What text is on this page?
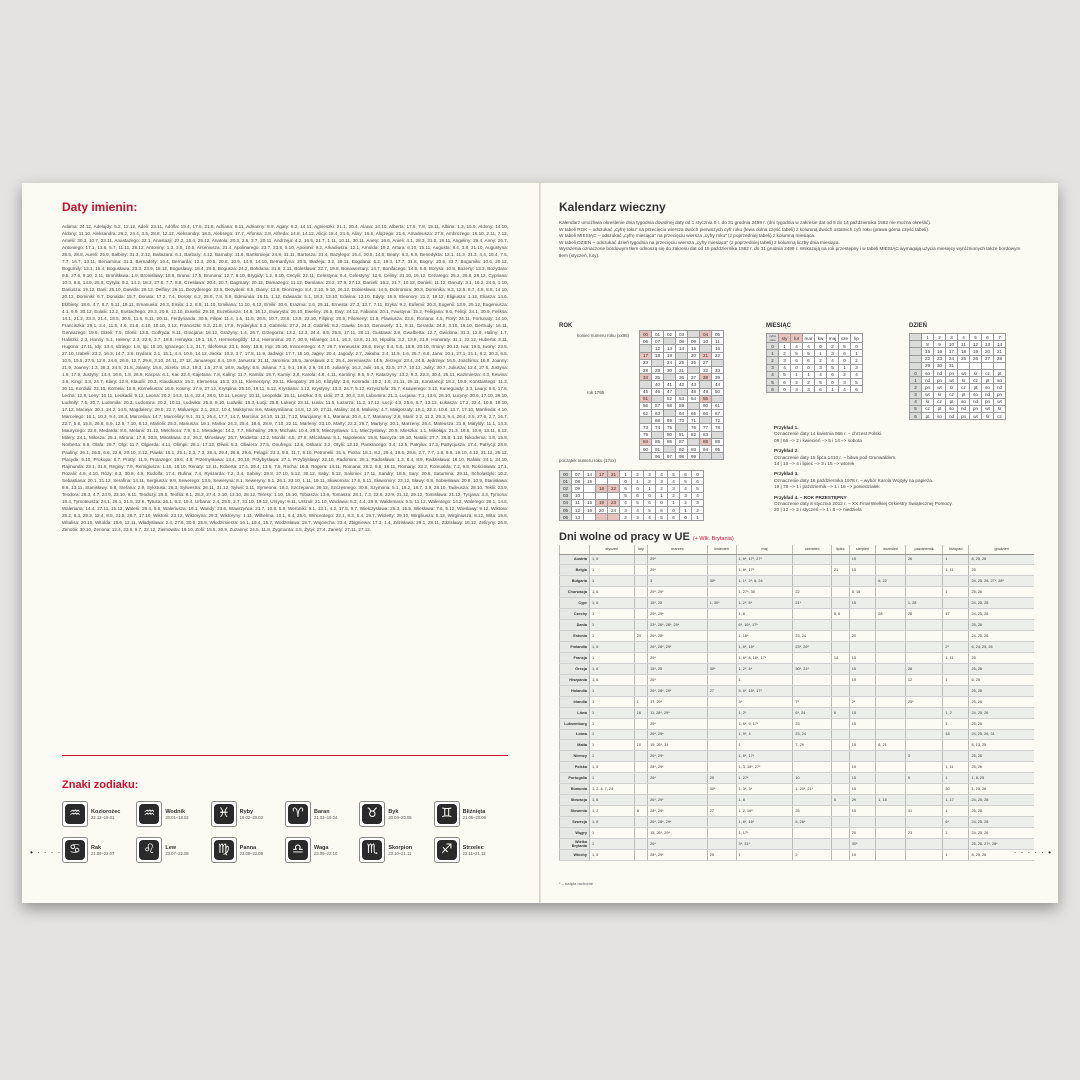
Daty imienin:
Adama: 24.12, Adelajdy: 5.2, 12.12, Adeli: 23.11, Adolfa: 19.4, 17.6, 21.8, Adriana: 8.11, Adrianny: 8.9, Agaty: 5.2, 14.11, Agnieszki: 21.1, 20.4, Alana: 14.10, Alberta: 17.6, 7.8, 15.11, Albina: 1.3, 15.9, Aldony: 14.10, Aldony: 11.10, Aleksandra: 26.2, 24.4, 3.5, 28.8, 12.12, Aleksandry: 18.5, Aleksego: 17.7, Alfonsa: 2.8, Alfreda: 14.8, 14.12, Alicji: 18.4, 21.6, Aliny: 16.6, Alojzego: 21.6, Amadeusza: 27.8, Ambrozego: 16.10, 2.11, 7.12, Amelii: 30.3, 10.7, 23.11, Anastazego: 22.1, Anastazji: 27.2, 15.4, 25.12, Anatola: 20.3, 2.5, 3.7, 20.11, Andrzeja: 4.2, 16.5, 21.7, 1.11, 10.11, 30.11, Anety: 16.6, Anieli: 4.1, 28.3, 31.5, 18.11, Angeliny: 29.4, Anny: 26.7, Antoniego: 17.1, 13.6, 5.7, 11.11, 28.12, Antoniny: 1.3, 3.5, 10.5, Arseniusza: 21.4, Apolinarego: 23.7, 23.8, 5.10, Apolonii: 9.2, Arkadiusza: 12.1, Arnolda: 19.2, Artura: 6.10, 15.11, Augusta: 8.4, 3.8, 31.10, Augustyna: 28.5, 28.8, Aureli: 25.9, Balbiny: 31.3, 2.12, Baltazara: 6.1, Barbary: 4.12, Barnaby: 11.6, Bartłomieja: 24.8, 11.11, Bartosza: 21.4, Bazylego: 15.4, 20.5, 14.6, Beaty: 8.3, 6.9, Benedykta: 12.1, 11.3, 21.3, 4.4, 16.4, 7.5, 7.7, 16.7, 13.11, Beniamina: 31.3, Bernadety: 16.4, Bernarda: 12.3, 20.5, 20.8, 10.9, 14.9, 14.10, Bernardyna: 20.5, Błażeja: 3.2, 29.11, Bogdana: 6.2, 19.3, 17.7, 31.8, Bogny: 20.6, 23.7, Bogumiła: 10.6, 20.12, Bogumiły: 13.1, 18.4, Bogusława: 23.3, 23.9, 18.12, Bogusławy: 18.4, 29.5, Bogusza: 24.2, Bohdana: 31.8, 2.11, Bolesława: 22.7, 19.8, Bonawentury: 14.7, Bonifacego: 14.5, 5.6, Borysa: 10.8, Bożeny: 13.3, Bożydara: 9.5, 27.6, 9.10, 2.11, Bronisława: 1.9, Bronisławy: 18.8, Bruna: 17.5, Brunona: 12.7, 6.10, Brygidy: 1.2, 8.10, Cecylii: 22.11, Celestyna: 6.4, Celestyny: 12.6, Celiny: 21.10, 15.12, Cezarego: 25.2, 26.8, 28.12, Cypriana: 10.3, 8.8, 14.9, 26.9, Cyryla: 9.2, 14.2, 18.3, 27.6, 7.7, 8.8, Czesława: 20.4, 20.7, Dagmary: 20.12, Damazego: 11.12, Damiana: 23.2, 27.9, 27.12, Danieli: 16.2, 21.7, 10.12, Danieli: 11.12, Danuty: 3.1, 16.2, 24.6, 1.10, Dariusza: 19.12, Darii: 25.10, Dawida: 29.12, Delfiny: 26.11, Dezyderego: 23.5, Dezyderii: 8.5, Diany: 13.8, Dionizego: 8.4, 2.10, 9.10, 26.12, Dobiesława: 14.5, Dobromira: 30.3, Dominika: 9.3, 12.5, 6.7, 4.8, 8.8, 14.10, 20.12, Dominiki: 6.7, Donalda: 15.7, Donata: 17.2, 7.4, Doroty: 6.2, 25.6, 7.8, 5.9, Edmunda: 16.11, 1.12, Edwarda: 5.1, 18.3, 13.10, Edwina: 12.10, Edyty: 16.9, Eleonory: 21.2, 19.12, Eligiusza: 1.12, Eliasza: 14.6, Elżbiety: 18.6, 4.7, 8.7, 5.11, 19.11, Emanuela: 26.3, Emila: 1.2, 8.8, 11.10, Emiliana: 11.10, 6.12, Emilii: 30.6, Erazma: 2.6, 25.11, Ernesta: 27.3, 13.7, 7.11, Eryka: 9.2, Eufemii: 20.3, Eugenii: 13.9, 25.12, Eugeniusza: 4.1, 6.9, 30.12, Eulalii: 12.2, Eustachego: 29.3, 20.9, 12.10, Eusebii: 29.10, Euzebiusza: 14.8, 16.12, Ewarysta: 26.10, Eweliny: 26.5, Ewy: 24.12, Fabiana: 20.1, Faustyna: 15.2, Felicjana: 9.6, Felicji: 24.1, 30.9, Feliksa: 14.1, 21.2, 23.3, 21.4, 18.5, 30.5, 11.6, 6.11, 20.11, Ferdynanda: 30.5, Filipa: 11.4, 1.5, 11.5, 26.5, 10.7, 23.8, 13.9, 22.10, Filipiny: 20.9, Filomeny: 11.8, Flawiusza: 22.6, Floriana: 4.5, Flory: 24.11, Fortunaty: 14.10, Franciszka: 29.1, 2.4, 11.5, 4.6, 21.8, 4.10, 10.10, 3.12, Franciszki: 9.3, 21.8, 17.9, Fryderyka: 5.3, Gabriela: 27.2, 24.3, Gabrieli: 8.2, Gawła: 16.10, Genowefy: 3.1, 9.11, Gerarda: 24.9, 3.10, 16.10, Gertrudy: 16.11, Gerwazego: 19.6, Gizeli: 7.5, Gloriii: 13.5, Gotfryda: 8.11, Gracjana: 18.12, Grażyny: 1.4, 26.7, Grzegorza: 13.2, 12.3, 24.4, 9.5, 25.5, 17.11, 28.11, Gustawa: 2.8, Gwalberta: 12.7, Gwidona: 31.3, 12.9, Haliny: 1.7, Haliszki: 2.3, Hanny: 5.1, Heleny: 2.3, 22.5, 3.7, 18.8, Henryka: 19.1, 15.7, Hermenegildy: 13.4, Hieronima: 20.7, 30.9, Hilarego: 14.1, 16.3, 12.8, 21.10, Hipolita: 3.2, 13.8, 21.9, Honoraty: 11.1, 22.12, Huberta: 3.11, Hugona: 17.11, Idy: 13.4, Idziego: 1.9, Igi: 16.10, Ignacego: 1.2, 31.7, Ildefonsa: 23.1, Ilony: 18.8, Ingi: 25.10, Innocentego: 4.7, 28.7, Ireneusza: 28.6, Ireny: 5.4, 5.5, 18.9, 20.10, Irminy: 30.12, Iwa: 19.5, Iwony: 23.5, 27.10, Izabeli: 23.2, 16.3, 14.7, 3.9, Izydora: 2.1, 15.1, 4.4, 10.5, 14.12, Jacka: 10.2, 3.7, 17.8, 11.9, Jadwigi: 17.7, 15.10, Jagny: 20.4, Jagody: 2.7, Jakuba: 3.4, 11.5, 1.6, 25.7, 6.8, Jana: 10.1, 27.1, 31.1, 8.2, 30.3, 6.5, 10.5, 15.5, 27.5, 12.6, 24.6, 26.6, 12.7, 29.8, 3.10, 24.11, 27.12, Januarego: 8.4, 19.9, Janusza: 21.11, Jaromira: 28.5, Jarosława: 2.1, 25.4, Jeremiasza: 14.5, Jerzego: 23.4, 24.8, Jędrzeja: 16.5, Joachima: 16.8, Joanny: 21.9, Joanny: 1.3, 28.3, 24.5, 21.8, Jolanty: 15.6, Józefa: 15.2, 19.3, 1.5, 27.8, 18.9, Judyty: 6.5, Juliana: 7.1, 9.1, 19.8, 2.9, 18.10, Julianny: 16.2, Julii: 16.4, 22.5, 27.7, 10.12, Julity: 30.7, Juliusza: 12.4, 27.5, Justyna: 1.8, 17.9, Justyny: 14.4, 16.6, 1.8, 26.9, Kacpra: 6.1, Kai: 22.4, Kajetana: 7.8, Kaliny: 11.7, Kamila: 18.7, Kamiy: 2.8, Karola: 4.6, 4.11, Karoliny: 9.5, 5.7, Katarzyny: 13.2, 9.3, 22.3, 30.4, 25.11, Kazimierza: 4.3, Kewina: 3.6, Kingi: 3.3, 24.7, Klary: 12.8, Klaudii: 20.3, Klaudiusza: 15.2, Klemensa: 15.3, 23.11, Klementyny: 29.11, Kleopatry: 20.10, Klotyldy: 3.6, Konrada: 19.2, 1.6, 21.11, 26.11, Konstancji: 18.2, 19.9, Konstantego: 11.3, 30.11, Kordulii: 22.10, Kornela: 16.9, Korneliusza: 16.9, Kosmy: 27.9, 27.12, Kryspina: 25.10, 19.11, 5.12, Krystiana: 4.12, Krystyny: 13.3, 24.7, 5.12, Krzysztofa: 25.7, Ksawerego: 3.12, Kunegundy: 3.3, Laury: 6.6, 17.6, Lecha: 12.8, Leny: 10.11, Leokadii: 9.12, Leona: 20.2, 14.3, 11.4, 22.4, 28.6, 10.11, Leonry: 10.11, Leopolda: 15.11, Leszka: 3.6, Lidii: 27.3, 30.4, 3.8, Lubomira: 21.3, Lucjana: 7.1, 13.6, 26.10, Lucyny: 30.6, 17.10, 26.10, Ludmiły: 7.5, 30.7, Ludomiła: 20.2, Ludomira: 20.2, 10.11, Ludwika: 25.8, 9.10, Ludwiki: 15.3, Łucji: 25.8, Łukerji: 23.11, Łusia: 11.5, Łazarza: 11.2, 17.12, Łucji: 4.3, 25.6, 6.7, 13.12, Łukasza: 17.2, 22.4, 10.9, 18.10, 17.12, Macieja: 30.1, 24.2, 14.5, Magdaleny: 29.5, 22.7, Makarego: 2.1, 28.2, 10.4, Maksyma: 8.6, Maksymiliana: 14.8, 12.10, 27.11, Maliny: 24.8, Malwiny: 4.7, Małgorzaty: 18.1, 22.2, 10.6, 13.7, 17.10, Manfreda: 4.10, Marcelego: 16.1, 10.3, 9.4, 26.4, Marcelina: 14.7, Marceliny: 9.1, 31.1, 26.4, 17.7, 14.7, Marcina: 24.10, 11.11, 7.12, Marcjanny: 9.1, Mariana: 30.4, 1.7, Marianny: 2.6, Marii: 2.2, 11.2, 25.3, 9.4, 26.4, 3.5, 27.6, 2.7, 16.7, 22.7, 5.8, 15.8, 26.8, 8.9, 12.9, 7.10, 8.12, Mariolii: 25.3, Mariusza: 19.1, Marka: 24.3, 25.4, 18.6, 28.9, 7.10, 22.11, Marleny: 23.10, Marty: 22.2, 29.7, Martyny: 30.1, Marzeny: 26.4, Mateusza: 21.9, Matyldy: 11.1, 14.3, Maurycego: 22.9, Medarda: 8.6, Melanii: 31.12, Melchiora: 7.9, 6.1, Metodego: 14.2, 7.7, Michaliny: 29.9, Michała: 10.4, 29.9, Mieczysława: 1.1, Mieczysławy: 20.9, Mieszka: 1.1, Mikołaja: 21.3, 19.5, 10.9, 13.11, 6.12, Milery: 24.1, Miłosza: 25.1, Mirona: 17.8, 30.8, Mirosława: 2.2, 26.2, Mirosławy: 26.7, Modesta: 12.2, Moniki: 4.5, 27.8, Mścisława: 8.1, Napoleona: 15.8, Narcyza: 29.10, Natalii: 27.7, 26.8, 1.12, Nikodema: 3.8, 15.9, Norberta: 6.6, Olafa: 29.7, Olgi: 11.7, Olgierda: 4.11, Olimpii: 28.1, 17.12, Oliwii: 5.3, Oliwiera: 27.5, Onufrego: 12.6, Oskara: 3.2, Otylii: 13.12, Pankracego: 3.4, 12.5, Patryka: 17.3, Patrycjusza: 17.4, Patrycji: 28.8, Pauliny: 26.1, 26.5, 6.6, 22.6, 20.10, 2.12, Pawła: 15.1, 25.1, 2.3, 7.3, 28.4, 29.4, 26.6, 29.6, Pelagii: 23.3, 9.6, 11.7, 8.10, Petronelii: 31.5, Piotra: 18.1, 8.2, 29.4, 19.5, 29.6, 2.7, 7.7, 1.8, 9.9, 19.10, 4.12, 21.12, 25.12, Placyda: 5.10, Prokopa: 8.7, Protty: 11.9, Protazego: 19.6, 4.8, Przemysława: 13.4, 30.10, Przybysława: 27.1, Przybysławy: 22.10, Radomira: 28.1, Radosława: 1.3, 8.4, 8.9, Radzisława: 16.10, Rafała: 24.1, 24.10, Rajmunda: 23.1, 31.8, Reginy: 7.9, Remigiusza: 1.10, 18.10, Renaty: 12.11, Roberta: 17.4, 29.4, 13.5, 7.6, Rocha: 16.8, Rogera: 14.11, Romana: 28.2, 9.8, 18.11, Romany: 23.2, Romualda: 7.2, 9.8, Rościsława: 17.1, Rozalii: 4.9, 4.10, Róży: 6.3, 30.8, 4.9, Rudolfa: 17.4, Rufina: 7.4, Ryszarda: 7.2, 3.4, Sabiny: 29.8, 27.10, 5.12, 30.12, Saby: 5.12, Salomei: 17.11, Sandry: 18.5, Sary: 20.8, Saturnina: 29.11, Scholastyki: 10.2, Sebastiana: 20.1, 31.12, Serafina: 14.11, Sergiusza: 9.9, Sewerego: 13.5, Seweryna: 8.1, Seweryny: 8.1, 26.1, 23.10, 1.11, 19.11, Sławomira: 17.5, 5.11, Sławomiry: 23.12, Sławy: 6.8, Sobiesława: 20.8, 10.9, Stanisława: 8.6, 13.11, Stanisławy: 5.8, Stefana: 2.9, Sykstusa: 28.3, Sylwestra: 26.11, 31.12, Sylwii: 3.11, Symeona: 18.2, Szczepana: 26.12, Szczęsnego: 30.8, Szymona: 5.1, 18.2, 18.7, 3.9, 28.10, Tadeusza: 28.10, Teklii: 23.9, Teodora: 26.3, 4.7, 24.9, 23.10, 9.11, Teodozji: 29.5, Teofila: 8.1, 28.2, 27.4, 2.10, 13.10, 28.12, Teresy: 1.10, 15.10, Tobiasza: 13.6, Tomasza: 28.1, 7.3, 22.6, 22.9, 21.12, 29.12, Tomisława: 21.12, Tycjana: 3.3, Tymona: 19.4, Tymoteusza: 24.1, 26.1, 21.5, 22.8, Tytusa: 26.1, 6.2, 15.4, Urbana: 2.4, 25.5, 2.7, 31.10, 19.12, Ursyny: 9.11, Urszuli: 21.10, Wacława: 5.3, 4.4, 28.9, Waldemara: 5.5, 11.12, Walentego: 14.2, Walerego: 28.1, 14.6, Waleriana: 14.4, 27.11, 15.12, Walerii: 28.4, 5.6, Waleriusza: 16.1, Wandy: 23.6, Wawrzyńca: 21.7, 10.8, 5.9, Weroniki: 9.1, 13.1, 4.2, 17.5, 9.7, Wiełczysława: 25.3, 16.5, Wiesława: 7.6, 9.12, Wiesławy: 9.12, Wiktora: 25.2, 6.3, 29.3, 12.4, 8.5, 21.5, 28.7, 17.10, Wiktorii: 23.12, Wiktoryna: 29.3, Wiktoryny: 1.11, Wilhelma: 10.1, 6.4, 25.6, Wincentego: 22.1, 8.3, 5.4, 19.7, Wioletty: 29.10, Wirgiliusza: 8.12, Wirginiusza: 8.12, Wita: 15.6, Witalisa: 20.10, Witolda: 15.6, 12.11, Władysława: 2.4, 27.6, 30.6, 25.9, Włodzimierza: 16.1, 19.4, 15.7, Wodzisława: 19.7, Wojciecha: 23.4, Zbigniewa: 17.3, 1.4, Zdzisława: 29.1, 28.11, Zdzisławy: 16.12, Zefiryny: 26.8, Zenobii: 30.10, Zenona: 12.4, 23.6, 9.7, 22.12, Ziemowita: 19.10, Zofii: 15.5, 30.9, Zuzanny: 24.5, 11.8, Zygmunta: 2.5, Żytyi: 27.4, Zanety: 27.11, 27.12.
Znaki zodiaku:
♒	Koziorożec
22.12–19.01	♒	Wodnik
20.01–18.02	♓	Ryby
19.02–20.03	♈	Baran
21.03–19.04	♉	Byk
20.04–20.05	♊	Bliźnięta
21.05–20.06
♋	Rak
21.06–22.07	♌	Lew
23.07–22.08	♍	Panna
23.08–22.09	♎	Waga
23.09–22.10	♏	Skorpion
23.10–21.11	♐	Strzelec
22.11–21.12
• · · · · ·
Kalendarz wieczny
Kalendarz umożliwia określenie dnia tygodnia dowolnej daty od 1 stycznia 0 r. do 31 grudnia 2499 r. (dni tygodnia w zakresie dat od 5 do 14 października 1582 nie można określić).
W tabeli ROK – odszukać „cyfrę roku” na przecięciu wiersza dwóch pierwszych cyfr roku (lewa dolna część tabeli) z kolumną dwóch ostatnich cyfr roku (prawa górna część tabeli).
W tabeli MIESIĄC – odszukać „cyfrę miesiąca” na przecięciu wiersza „cyfry roku” (z poprzedniej tabeli) z kolumną miesiąca.
W tabeli DZIEŃ – odszukać dzień tygodnia na przecięciu wiersza „cyfry miesiąca” (z poprzedniej tabeli) z kolumną liczby dnia miesiąca.
Wyrażenia oznaczone bordowym tłem odnoszą się do zakresu dat od 15 października 1582 r. do 31 grudnia 2499 r. Wskazują na rok przestępny i w tabeli MIESIĄC wymagają użycia miesięcy wyróżnionych także bordowym tłem (styczeń, luty).
ROK	MIESIĄC	DZIEŃ
koniec numeru roku (xx95)
rok 1795
początek numeru roku (17xx)
00	01	02	03		04	05
06	07		08	09	10	11
	12	13	14	15		16
17	18	19		20	21	22
23		24	25	26	27	
28	29	30	31		32	33
34	35		36	37	38	39
	40	41	42	43		44
45	46	47		48	49	50
51		52	53	54	55	
56	57	58	59		60	61
62	63		64	65	66	67
	68	69	70	71		72
73	74	75		76	77	78
79		80	81	82	83	
84	85	86	87		88	89
90	91		92	93	94	95
	96	97	98	99		
00	07	14	17	21	1	2	3	4	5	6	0
01	08	15			0	1	2	3	4	5	6
02	09		18	22	6	0	1	2	3	4	5
03	10				5	6	0	1	2	3	4
04	11	15	19	23	4	5	6	0	1	2	3
05	12	16	20	24	3	4	5	6	0	1	2
06	13				2	3	4	5	6	0	1
cyfra roku	sty	lut	mar	kw	maj	cze	lip
0	1	4	4	0	2	5	0
1	2	5	5	1	3	6	1
2	3	6	6	2	4	0	2
3	4	0	0	3	5	1	3
4	5	1	1	4	6	2	4
5	6	2	2	5	0	3	5
6	0	3	3	6	1	4	6
	1	2	3	4	5	6	7
	8	9	10	11	12	13	14
	15	16	17	18	19	20	21
	22	23	24	25	26	27	28
	29	30	31				
0	so	nd	pn	wt	śr	cz	pt
1	nd	pn	wt	śr	cz	pt	so
2	pn	wt	śr	cz	pt	so	nd
3	wt	śr	cz	pt	so	nd	pn
4	śr	cz	pt	so	nd	pn	wt
5	cz	pt	so	nd	pn	wt	śr
6	pt	so	nd	pn	wt	śr	cz
Przykład 1.
Oznaczenie daty 14 kwietnia 966 r. – chrzest Polski.
09 | 66 –> 2 i kwiecień –> 5 i 14 –> sobota
Przykład 2.
Oznaczenie daty 15 lipca 1410 r. – bitwa pod Grunwaldem.
14 | 10 –> 4 i lipiec –> 3 i 15 –> wtorek
Przykład 3.
Oznaczenie daty 16 października 1978 r. – wybór Karola Wojtyły na papieża.
19 | 78 –> 1 i październik –> 1 i 16 –> poniedziałek
Przykład 4. – ROK PRZESTĘPNY
Oznaczenie daty 8 stycznia 2012 r. – XX Finał Wielkiej Orkiestry Świątecznej Pomocy.
20 | 12 –> 2 i styczeń –> 1 i 8 –> niedziela
Dni wolne od pracy w UE (+ Wlk. Brytania)
	styczeń	luty	marzec	kwiecień	maj	czerwiec	lipiec	sierpień	wrzesień	październik	listopad	grudzień
Austria	1, 6		29*		1, 6*, 17*, 27*			15		26	1	8, 25, 26
Belgia	1		29*		1, 6*, 17*		21	15			1, 11	25
Bułgaria	1		3	30*	1, 1*, 2*, 6, 24				6, 22			24, 25, 26, 27*, 28*
Chorwacja	1, 6		29*, 29*		1, 27*, 30	22		5, 15			1	25, 26
Cypr	1, 6		15*, 25	1, 30*	1, 2*, 5*	21*		15		1, 28		24, 25, 26
Czechy	1		29*, 29*		1, 8		5, 6		28	28	17	24, 25, 26
Dania	1		23*, 26*, 28*, 29*		6*, 16*, 17*							25, 26
Estonia	1	24	26*, 28*		1, 16*	23, 24		20				24, 25, 26
Finlandia	1, 6		26*, 28*, 29*		1, 6*, 16*	23*, 26*					2*	6, 24, 25, 26
Francja	1		29*		1, 6*, 8, 16*, 17*		14	15			1, 11	25
Grecja	1, 6		15*, 25	30*	1, 2*, 4*	30*, 21*		15		28		25, 26
Hiszpania	1, 6		26*		1			15		12	1	6, 25
Holandia	1		26*, 28*, 29*	27	5, 6*, 16*, 17*							25, 26
Irlandia	1	1	17, 29*		3*	7*		2*		25*		25, 26
Litwa	1	16	11, 28*, 29*		1, 2*	6*, 24	6	15			1, 2	24, 25, 26
Luksemburg	1		29*		1, 6*, 9, 17*	23		15			1	25, 26
Łotwa	1		26*, 29*		1, 9*, 4	23, 24					18	24, 25, 26, 31
Malta	1	10	19, 26*, 31		1	7, 29		15	8, 21			8, 13, 25
Niemcy	1		26*, 29*		1, 6*, 17*					3		25, 26
Polska	1, 6		28*, 29*		1, 3, 16*, 27*			15			1, 11	25, 26
Portugalia	1		26*	25	1, 27*	10		15		5	1	1, 8, 25
Rumunia	1, 2, 4, 7, 24			30*	1, 3*, 3*	1, 20*, 21*		15			30	1, 25, 26
Słowacja	1, 6		26*, 29*		1, 8		5	29	1, 15		1, 17	24, 25, 26
Słowenia	1, 2	8	28*, 29*	27	1, 2, 16*	25		15		31	1	25, 26
Szwecja	1, 6		26*, 28*, 29*		1, 6*, 16*	6, 26*					6*	24, 25, 26
Węgry	1		15, 26*, 29*		1, 17*			20		23	1	24, 25, 26
Wielka Brytania	1		26*		3*, 31*			30*				25, 26, 27*, 28*
Włochy	1, 6		28*, 29*	25	1	2		15			1	8, 25, 26
* – święta ruchome
· · · · · •
